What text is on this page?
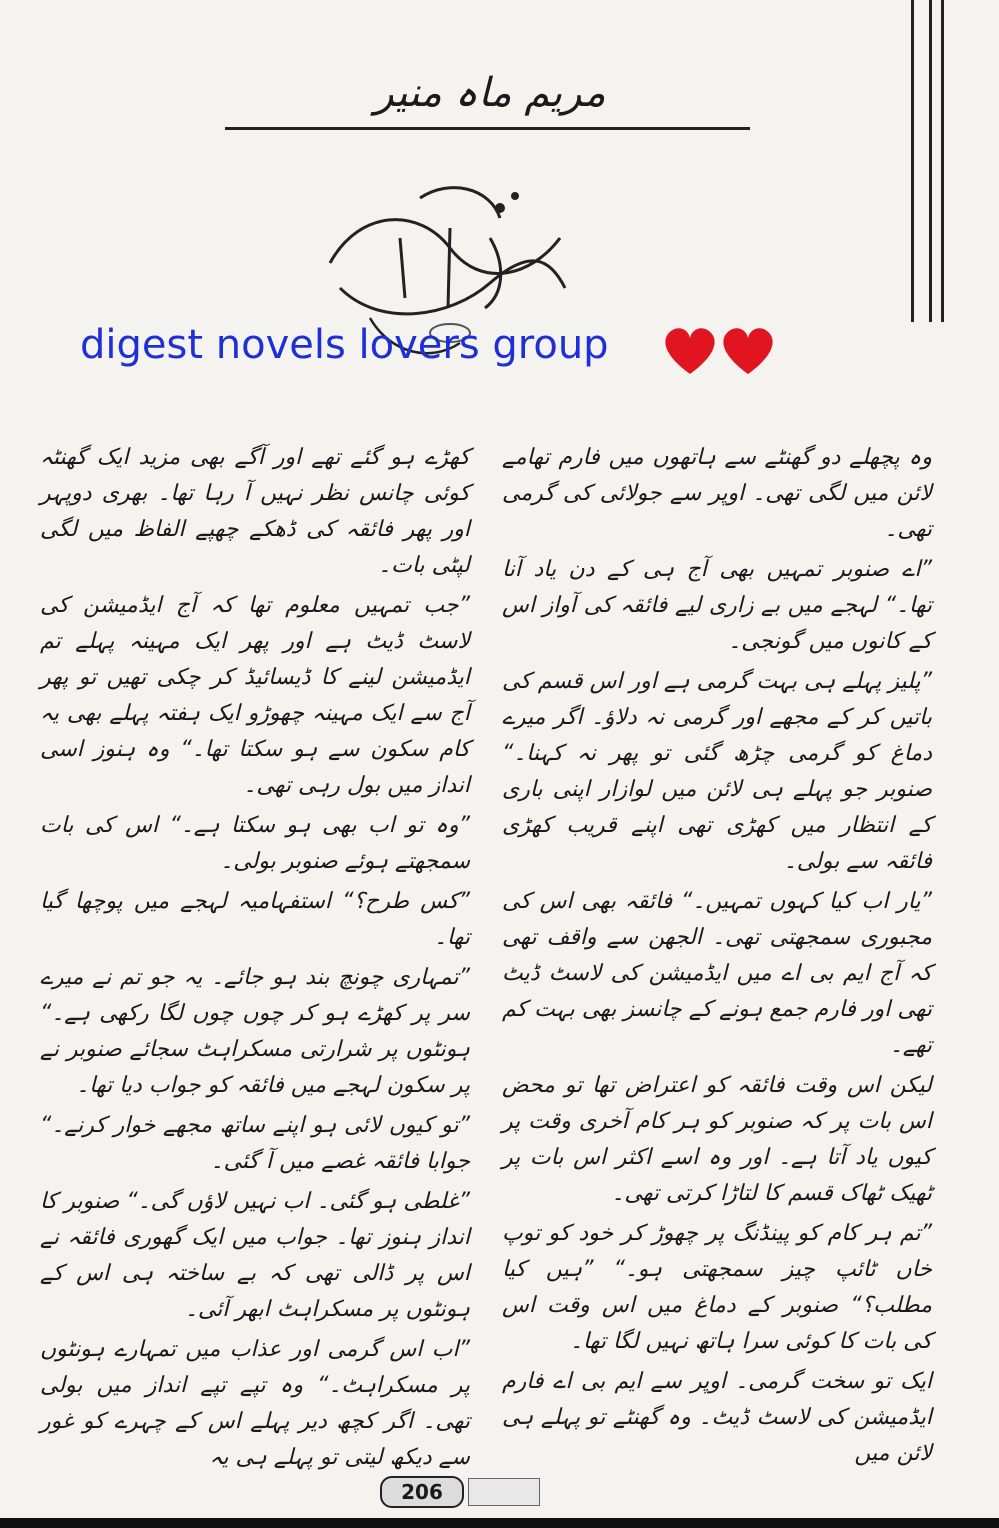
مریم ماہ منیر
digest novels lovers group

وہ پچھلے دو گھنٹے سے ہاتھوں میں فارم تھامے لائن میں لگی تھی۔ اوپر سے جولائی کی گرمی تھی۔

”اے صنوبر تمہیں بھی آج ہی کے دن یاد آنا تھا۔“ لہجے میں بے زاری لیے فائقہ کی آواز اس کے کانوں میں گونجی۔

”پلیز پہلے ہی بہت گرمی ہے اور اس قسم کی باتیں کر کے مجھے اور گرمی نہ دلاؤ۔ اگر میرے دماغ کو گرمی چڑھ گئی تو پھر نہ کہنا۔“ صنوبر جو پہلے ہی لائن میں لوازار اپنی باری کے انتظار میں کھڑی تھی اپنے قریب کھڑی فائقہ سے بولی۔

”یار اب کیا کہوں تمہیں۔“ فائقہ بھی اس کی مجبوری سمجھتی تھی۔ الجھن سے واقف تھی کہ آج ایم بی اے میں ایڈمیشن کی لاسٹ ڈیٹ تھی اور فارم جمع ہونے کے چانسز بھی بہت کم تھے۔

لیکن اس وقت فائقہ کو اعتراض تھا تو محض اس بات پر کہ صنوبر کو ہر کام آخری وقت پر کیوں یاد آتا ہے۔ اور وہ اسے اکثر اس بات پر ٹھیک ٹھاک قسم کا لتاڑا کرتی تھی۔

”تم ہر کام کو پینڈنگ پر چھوڑ کر خود کو توپ خاں ٹائپ چیز سمجھتی ہو۔“ ”ہیں کیا مطلب؟“ صنوبر کے دماغ میں اس وقت اس کی بات کا کوئی سرا ہاتھ نہیں لگا تھا۔

ایک تو سخت گرمی۔ اوپر سے ایم بی اے فارم ایڈمیشن کی لاسٹ ڈیٹ۔ وہ گھنٹے تو پہلے ہی لائن میں

کھڑے ہو گئے تھے اور آگے بھی مزید ایک گھنٹہ کوئی چانس نظر نہیں آ رہا تھا۔ بھری دوپہر اور پھر فائقہ کی ڈھکے چھپے الفاظ میں لگی لپٹی بات۔

”جب تمہیں معلوم تھا کہ آج ایڈمیشن کی لاسٹ ڈیٹ ہے اور پھر ایک مہینہ پہلے تم ایڈمیشن لینے کا ڈیسائیڈ کر چکی تھیں تو پھر آج سے ایک مہینہ چھوڑو ایک ہفتہ پہلے بھی یہ کام سکون سے ہو سکتا تھا۔“ وہ ہنوز اسی انداز میں بول رہی تھی۔

”وہ تو اب بھی ہو سکتا ہے۔“ اس کی بات سمجھتے ہوئے صنوبر بولی۔

”کس طرح؟“ استفہامیہ لہجے میں پوچھا گیا تھا۔

”تمہاری چونچ بند ہو جائے۔ یہ جو تم نے میرے سر پر کھڑے ہو کر چوں چوں لگا رکھی ہے۔“ ہونٹوں پر شرارتی مسکراہٹ سجائے صنوبر نے پر سکون لہجے میں فائقہ کو جواب دیا تھا۔

”تو کیوں لائی ہو اپنے ساتھ مجھے خوار کرنے۔“ جوابا فائقہ غصے میں آ گئی۔

”غلطی ہو گئی۔ اب نہیں لاؤں گی۔“ صنوبر کا انداز ہنوز تھا۔ جواب میں ایک گھوری فائقہ نے اس پر ڈالی تھی کہ بے ساختہ ہی اس کے ہونٹوں پر مسکراہٹ ابھر آئی۔

”اب اس گرمی اور عذاب میں تمہارے ہونٹوں پر مسکراہٹ۔“ وہ تپے تپے انداز میں بولی تھی۔ اگر کچھ دیر پہلے اس کے چہرے کو غور سے دیکھ لیتی تو پہلے ہی یہ

206
